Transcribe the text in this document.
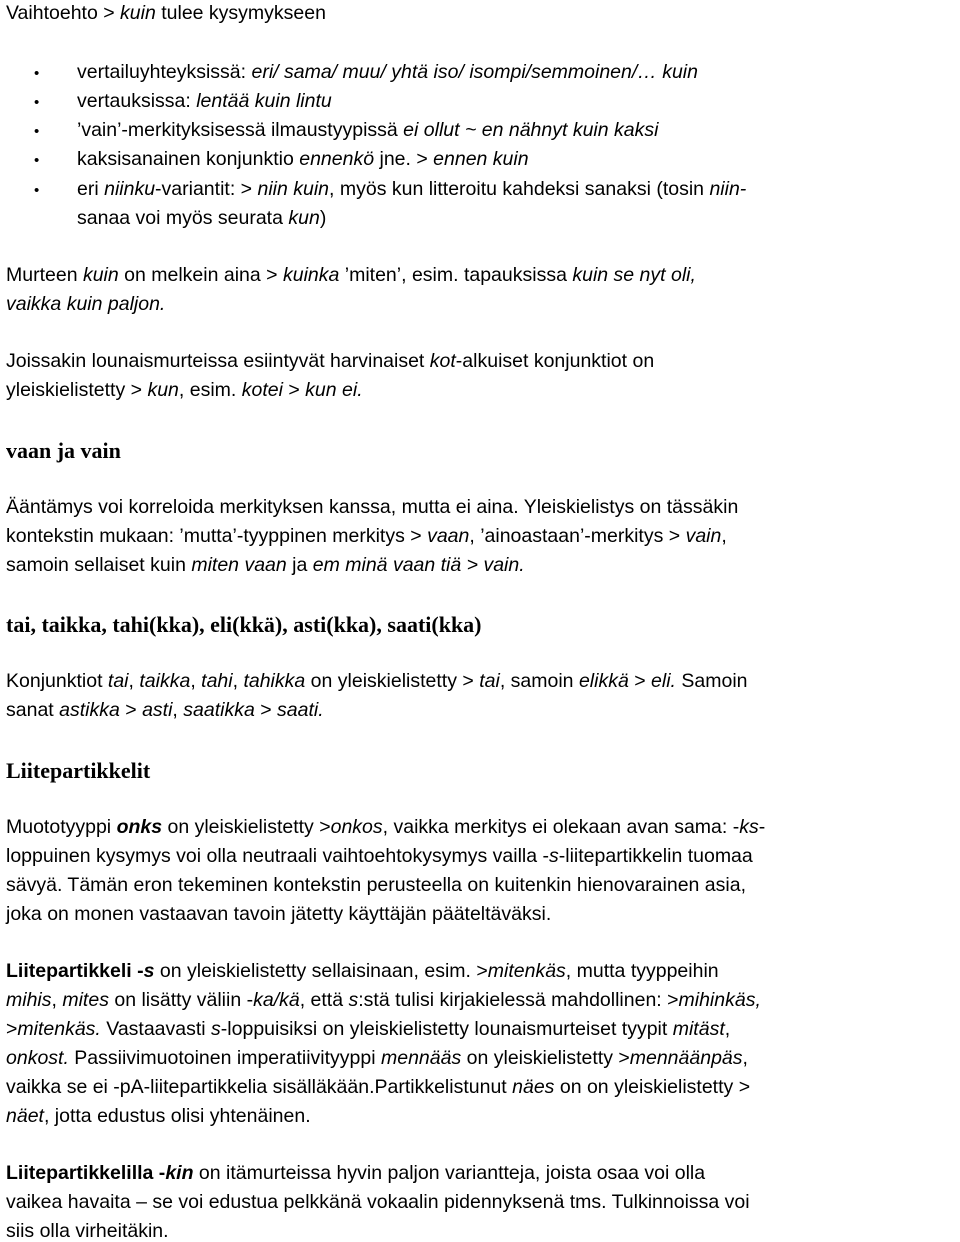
Vaihtoehto > kuin tulee kysymykseen
• vertailuyhteyksissä: eri/ sama/ muu/ yhtä iso/ isompi/semmoinen/… kuin
• vertauksissa: lentää kuin lintu
• ’vain’-merkityksisessä ilmaustyypissä ei ollut ~ en nähnyt kuin kaksi
• kaksisanainen konjunktio ennenkö jne. > ennen kuin
• eri niinku-variantit: > niin kuin, myös kun litteroitu kahdeksi sanaksi (tosin niin-
sanaa voi myös seurata kun)
Murteen kuin on melkein aina > kuinka ’miten’, esim. tapauksissa kuin se nyt oli,
vaikka kuin paljon.
Joissakin lounaismurteissa esiintyvät harvinaiset kot-alkuiset konjunktiot on
yleiskielistetty > kun, esim. kotei > kun ei.
vaan ja vain
Ääntämys voi korreloida merkityksen kanssa, mutta ei aina. Yleiskielistys on tässäkin
kontekstin mukaan: ’mutta’-tyyppinen merkitys > vaan, ’ainoastaan’-merkitys > vain,
samoin sellaiset kuin miten vaan ja em minä vaan tiä > vain.
tai, taikka, tahi(kka), eli(kkä), asti(kka), saati(kka)
Konjunktiot tai, taikka, tahi, tahikka on yleiskielistetty > tai, samoin elikkä > eli. Samoin
sanat astikka > asti, saatikka > saati.
Liitepartikkelit
Muototyyppi onks on yleiskielistetty >onkos, vaikka merkitys ei olekaan avan sama: -ks-
loppuinen kysymys voi olla neutraali vaihtoehtokysymys vailla -s-liitepartikkelin tuomaa
sävyä. Tämän eron tekeminen kontekstin perusteella on kuitenkin hienovarainen asia,
joka on monen vastaavan tavoin jätetty käyttäjän pääteltäväksi.
Liitepartikkeli -s on yleiskielistetty sellaisinaan, esim. >mitenkäs, mutta tyyppeihin
mihis, mites on lisätty väliin -ka/kä, että s:stä tulisi kirjakielessä mahdollinen: >mihinkäs,
>mitenkäs. Vastaavasti s-loppuisiksi on yleiskielistetty lounaismurteiset tyypit mitäst,
onkost. Passiivimuotoinen imperatiivityyppi mennääs on yleiskielistetty >mennäänpäs,
vaikka se ei -pA-liitepartikkelia sisälläkään.Partikkelistunut näes on on yleiskielistetty >
näet, jotta edustus olisi yhtenäinen.
Liitepartikkelilla -kin on itämurteissa hyvin paljon variantteja, joista osaa voi olla
vaikea havaita – se voi edustua pelkkänä vokaalin pidennyksenä tms. Tulkinnoissa voi
siis olla virheitäkin.
